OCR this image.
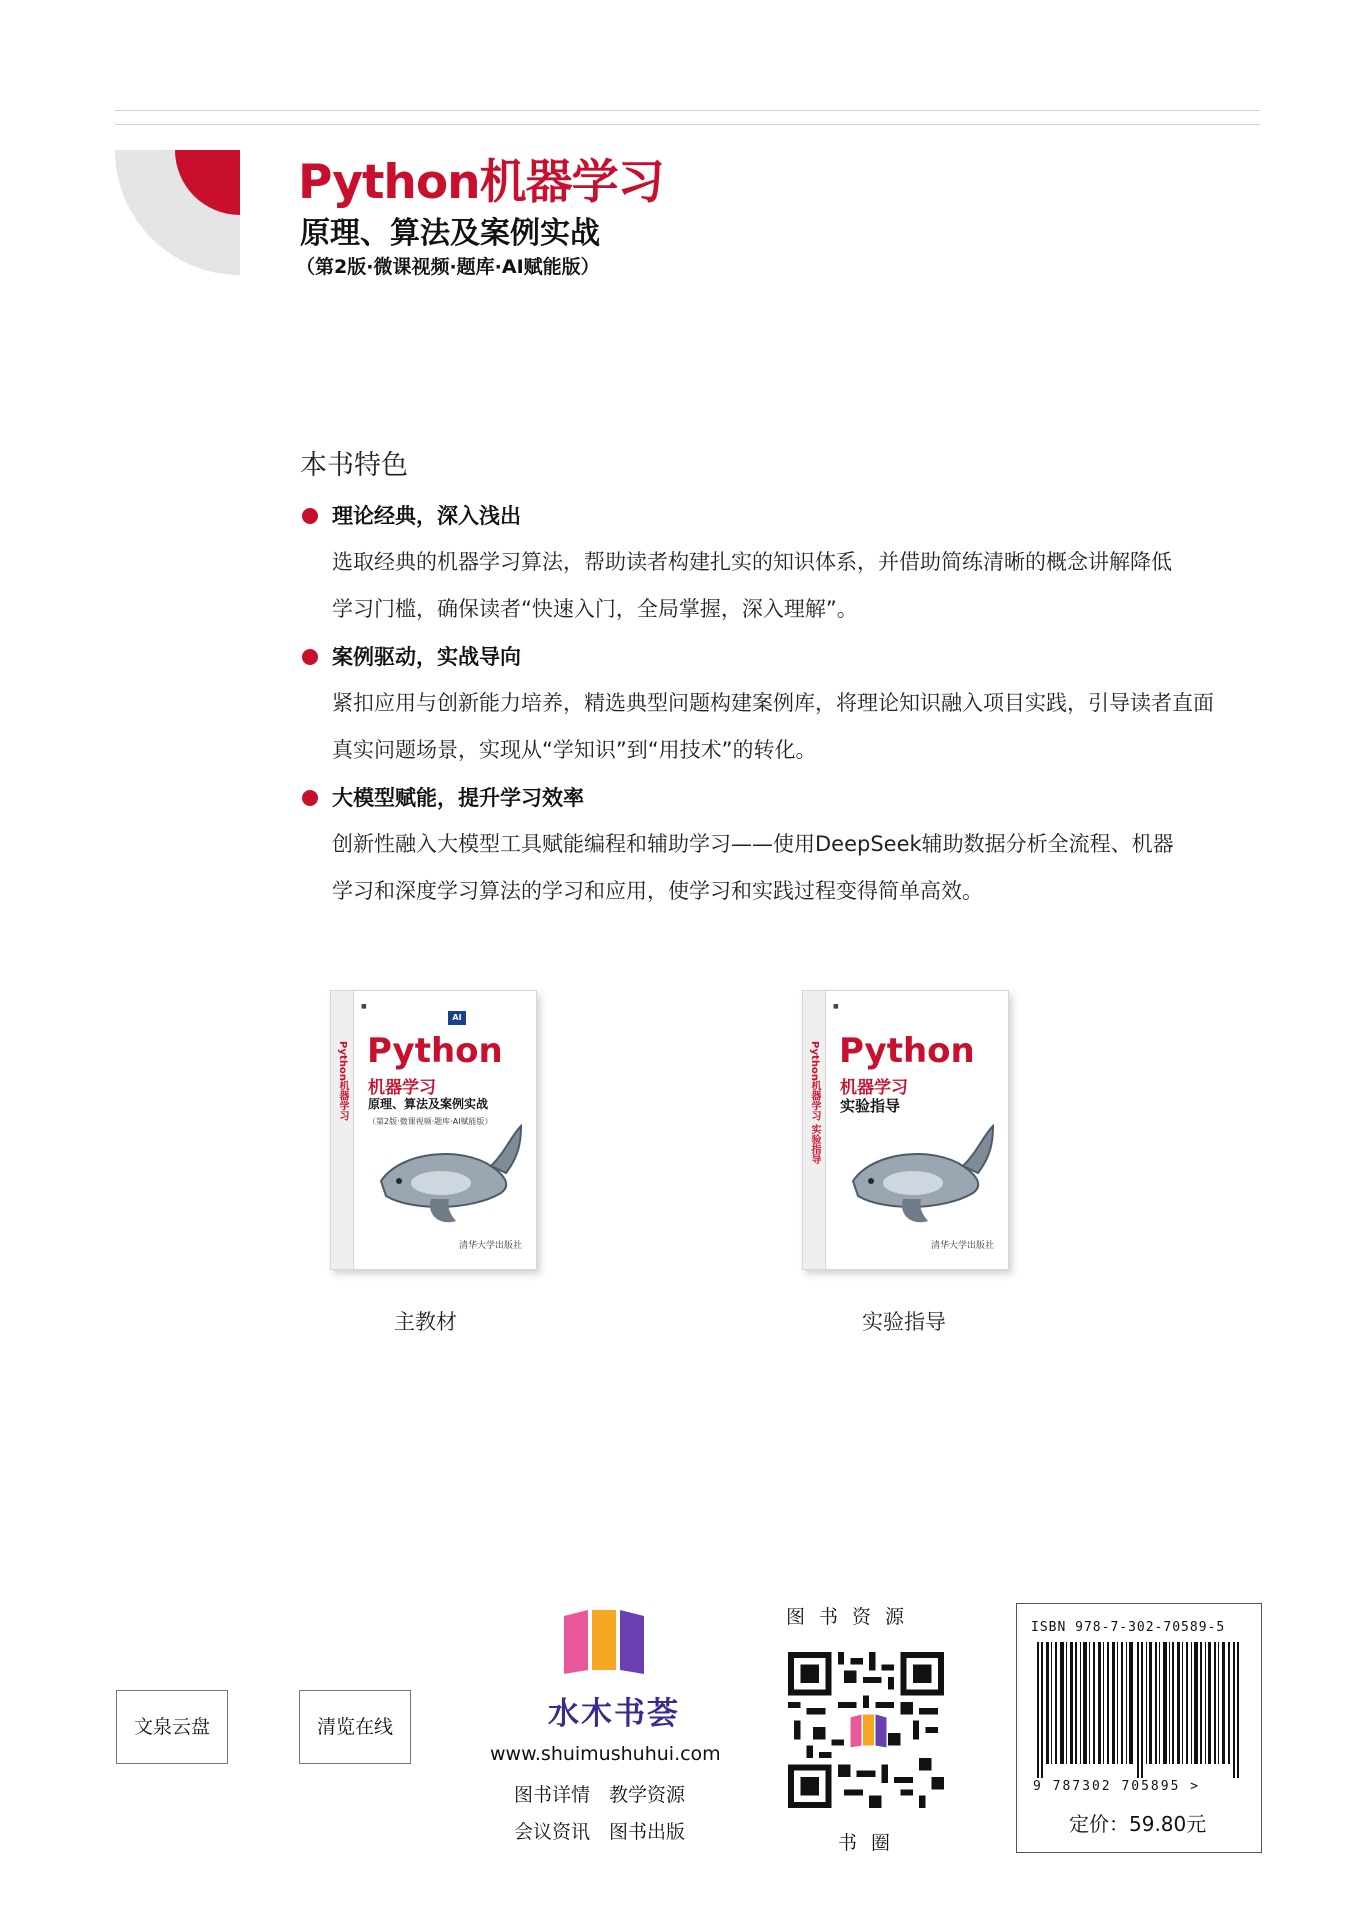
Python机器学习
原理、算法及案例实战
（第2版·微课视频·题库·AI赋能版）
本书特色
理论经典，深入浅出
选取经典的机器学习算法，帮助读者构建扎实的知识体系，并借助简练清晰的概念讲解降低
学习门槛，确保读者“快速入门，全局掌握，深入理解”。
案例驱动，实战导向
紧扣应用与创新能力培养，精选典型问题构建案例库，将理论知识融入项目实践，引导读者直面
真实问题场景，实现从“学知识”到“用技术”的转化。
大模型赋能，提升学习效率
创新性融入大模型工具赋能编程和辅助学习——使用DeepSeek辅助数据分析全流程、机器
学习和深度学习算法的学习和应用，使学习和实践过程变得简单高效。
Python机器学习
■
AI
Python
机器学习
原理、算法及案例实战
（第2版·微课视频·题库·AI赋能版）
清华大学出版社
主教材
Python机器学习 实验指导
■
Python
机器学习
实验指导
清华大学出版社
实验指导
文泉云盘	清览在线	水木书荟
www.shuimushuhui.com
图书详情　教学资源
会议资讯　图书出版
图书资源
书圈
ISBN 978-7-302-70589-5
9 787302 705895 >
定价：59.80元
